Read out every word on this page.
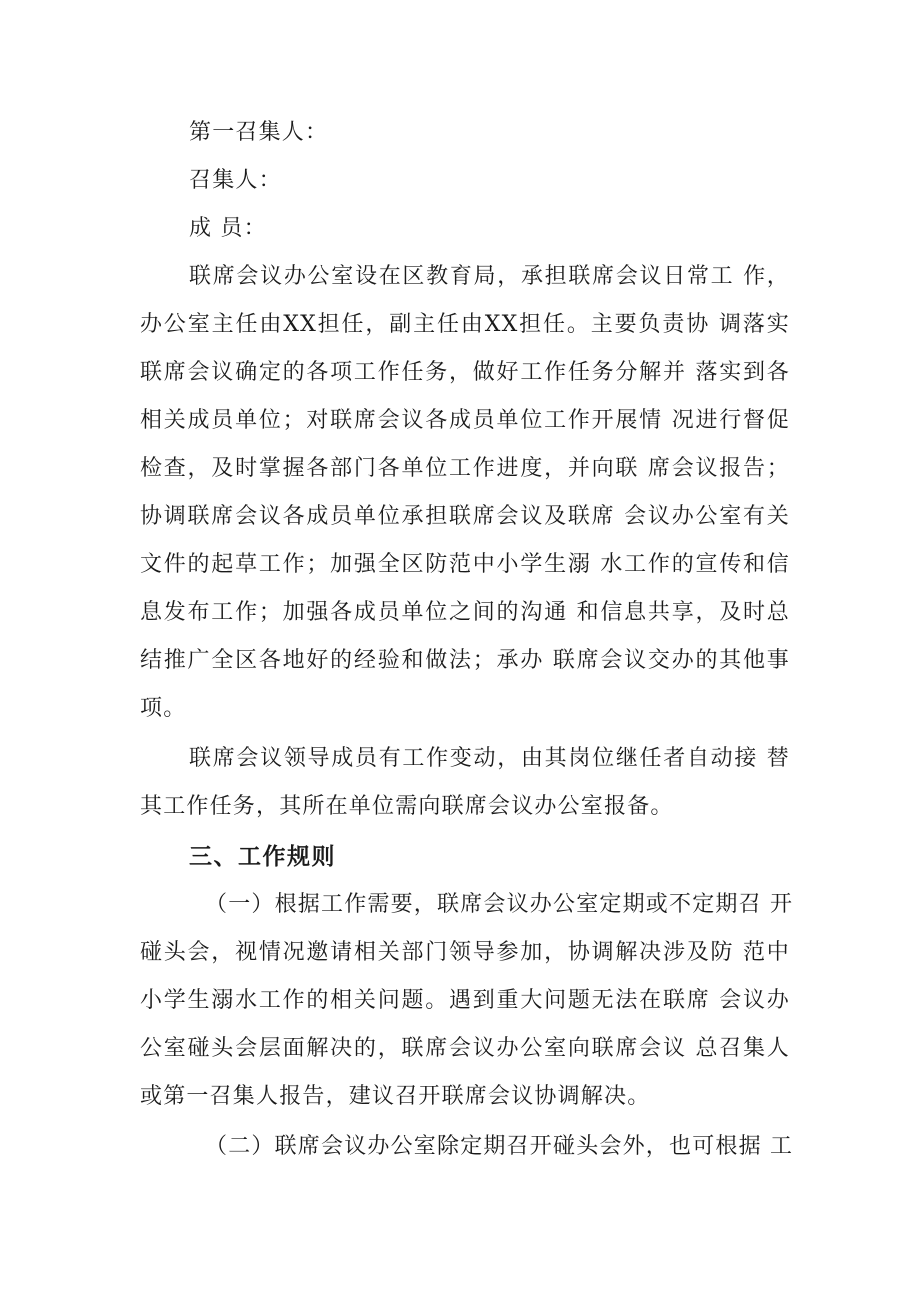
第一召集人：
召集人：
成 员：
联席会议办公室设在区教育局，承担联席会议日常工 作，
办公室主任由XX担任，副主任由XX担任。主要负责协 调落实
联席会议确定的各项工作任务，做好工作任务分解并 落实到各
相关成员单位；对联席会议各成员单位工作开展情 况进行督促
检查，及时掌握各部门各单位工作进度，并向联 席会议报告；
协调联席会议各成员单位承担联席会议及联席 会议办公室有关
文件的起草工作；加强全区防范中小学生溺 水工作的宣传和信
息发布工作；加强各成员单位之间的沟通 和信息共享，及时总
结推广全区各地好的经验和做法；承办 联席会议交办的其他事
项。
联席会议领导成员有工作变动，由其岗位继任者自动接 替
其工作任务，其所在单位需向联席会议办公室报备。
三、工作规则
（一）根据工作需要，联席会议办公室定期或不定期召 开
碰头会，视情况邀请相关部门领导参加，协调解决涉及防 范中
小学生溺水工作的相关问题。遇到重大问题无法在联席 会议办
公室碰头会层面解决的，联席会议办公室向联席会议 总召集人
或第一召集人报告，建议召开联席会议协调解决。
（二）联席会议办公室除定期召开碰头会外，也可根据 工
